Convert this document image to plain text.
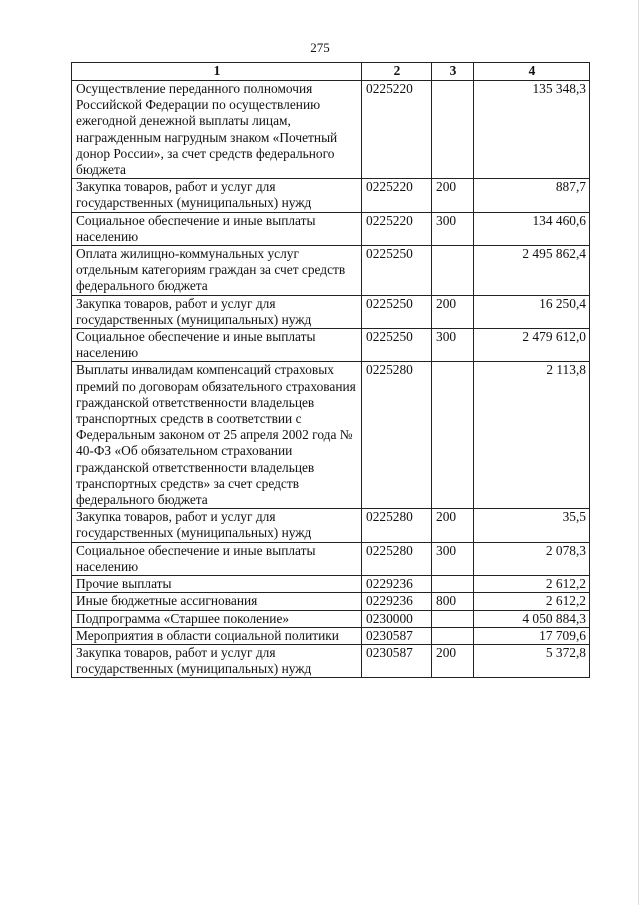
275
1	2	3	4
Осуществление переданного полномочия Российской Федерации по осуществлению ежегодной денежной выплаты лицам, награжденным нагрудным знаком «Почетный донор России», за счет средств федерального бюджета	0225220		135 348,3
Закупка товаров, работ и услуг для государственных (муниципальных) нужд	0225220	200	887,7
Социальное обеспечение и иные выплаты населению	0225220	300	134 460,6
Оплата жилищно-коммунальных услуг отдельным категориям граждан за счет средств федерального бюджета	0225250		2 495 862,4
Закупка товаров, работ и услуг для государственных (муниципальных) нужд	0225250	200	16 250,4
Социальное обеспечение и иные выплаты населению	0225250	300	2 479 612,0
Выплаты инвалидам компенсаций страховых премий по договорам обязательного страхования гражданской ответственности владельцев транспортных средств в соответствии с Федеральным законом от 25 апреля 2002 года № 40-ФЗ «Об обязательном страховании гражданской ответственности владельцев транспортных средств» за счет средств федерального бюджета	0225280		2 113,8
Закупка товаров, работ и услуг для государственных (муниципальных) нужд	0225280	200	35,5
Социальное обеспечение и иные выплаты населению	0225280	300	2 078,3
Прочие выплаты	0229236		2 612,2
Иные бюджетные ассигнования	0229236	800	2 612,2
Подпрограмма «Старшее поколение»	0230000		4 050 884,3
Мероприятия в области социальной политики	0230587		17 709,6
Закупка товаров, работ и услуг для государственных (муниципальных) нужд	0230587	200	5 372,8
